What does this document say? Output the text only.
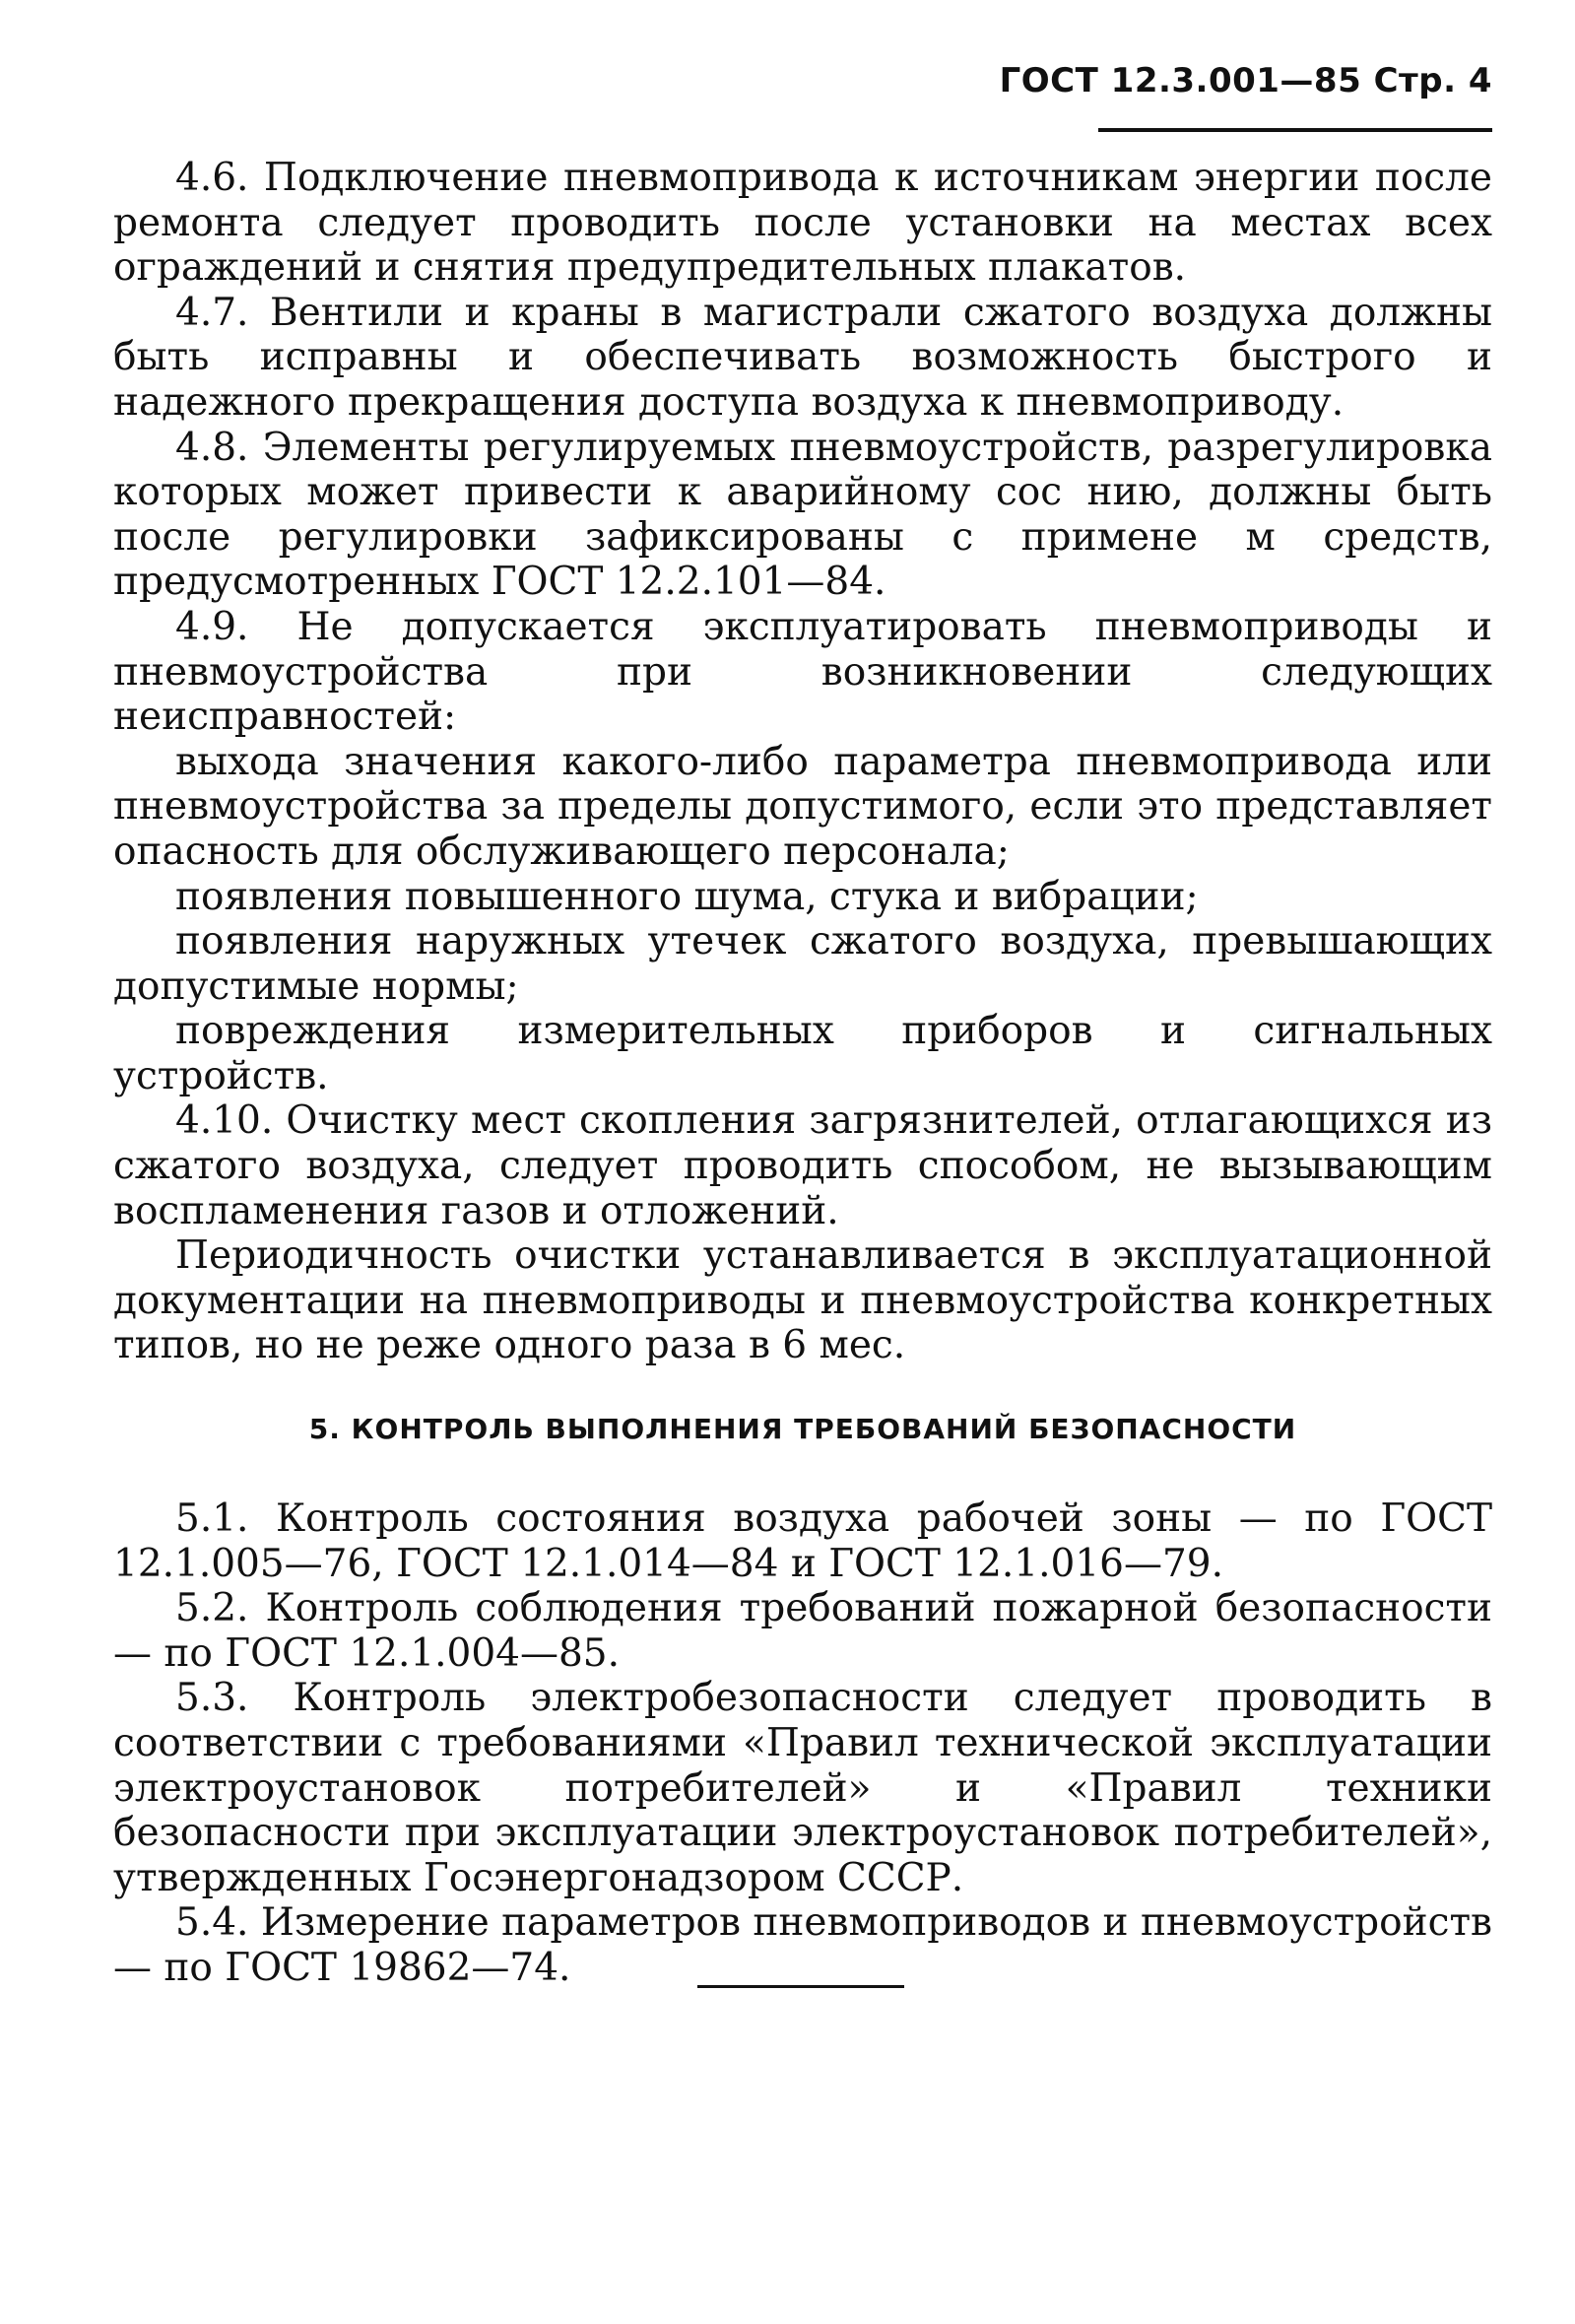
ГОСТ 12.3.001—85 Стр. 4

4.6. Подключение пневмопривода к источникам энергии после ремонта следует проводить после установки на местах всех ограждений и снятия предупредительных плакатов.

4.7. Вентили и краны в магистрали сжатого воздуха должны быть исправны и обеспечивать возможность быстрого и надежного прекращения доступа воздуха к пневмоприводу.

4.8. Элементы регулируемых пневмоустройств, разрегулировка которых может привести к аварийному сос нию, должны быть после регулировки зафиксированы с примене м средств, предусмотренных ГОСТ 12.2.101—84.

4.9. Не допускается эксплуатировать пневмоприводы и пневмоустройства при возникновении следующих неисправностей:

выхода значения какого-либо параметра пневмопривода или пневмоустройства за пределы допустимого, если это представляет опасность для обслуживающего персонала;

появления повышенного шума, стука и вибрации;

появления наружных утечек сжатого воздуха, превышающих допустимые нормы;

повреждения измерительных приборов и сигнальных устройств.

4.10. Очистку мест скопления загрязнителей, отлагающихся из сжатого воздуха, следует проводить способом, не вызывающим воспламенения газов и отложений.

Периодичность очистки устанавливается в эксплуатационной документации на пневмоприводы и пневмоустройства конкретных типов, но не реже одного раза в 6 мес.

5. КОНТРОЛЬ ВЫПОЛНЕНИЯ ТРЕБОВАНИЙ БЕЗОПАСНОСТИ

5.1. Контроль состояния воздуха рабочей зоны — по ГОСТ 12.1.005—76, ГОСТ 12.1.014—84 и ГОСТ 12.1.016—79.

5.2. Контроль соблюдения требований пожарной безопасности — по ГОСТ 12.1.004—85.

5.3. Контроль электробезопасности следует проводить в соответствии с требованиями «Правил технической эксплуатации электроустановок потребителей» и «Правил техники безопасности при эксплуатации электроустановок потребителей», утвержденных Госэнергонадзором СССР.

5.4. Измерение параметров пневмоприводов и пневмоустройств — по ГОСТ 19862—74.
